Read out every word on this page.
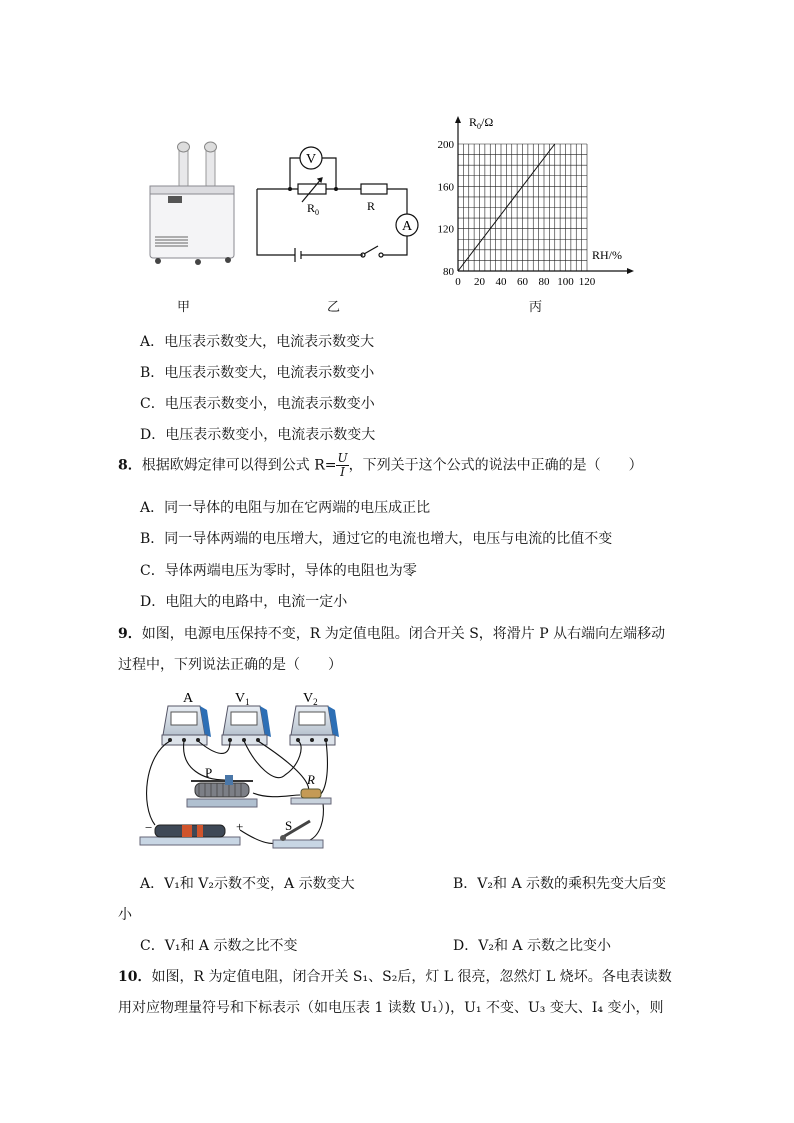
V
A
$R_0$	R
$R_0/\Omega$
RH/%
200
160
120
80
0 20 40 60 80 100 120
甲	乙	丙
A．电压表示数变大，电流表示数变大
B．电压表示数变大，电流表示数变小
C．电压表示数变小，电流表示数变小
D．电压表示数变小，电流表示数变大
8．根据欧姆定律可以得到公式 $R= \frac{U}{I}$ ，下列关于这个公式的说法中正确的是（　　）
A．同一导体的电阻与加在它两端的电压成正比
B．同一导体两端的电压增大，通过它的电流也增大，电压与电流的比值不变
C．导体两端电压为零时，导体的电阻也为零
D．电阻大的电路中，电流一定小
9．如图，电源电压保持不变，R 为定值电阻。闭合开关 S，将滑片 P 从右端向左端移动
过程中，下列说法正确的是（　　）
A	$V_1$	$V_2$
P	R
−	+	S
A．V₁和 V₂示数不变，A 示数变大	B．V₂和 A 示数的乘积先变大后变
小
C．V₁和 A 示数之比不变	D．V₂和 A 示数之比变小
10．如图，R 为定值电阻，闭合开关 S₁、S₂后，灯 L 很亮，忽然灯 L 烧坏。各电表读数
用对应物理量符号和下标表示（如电压表 1 读数 U₁）)，U₁ 不变、U₃ 变大、I₄ 变小，则
